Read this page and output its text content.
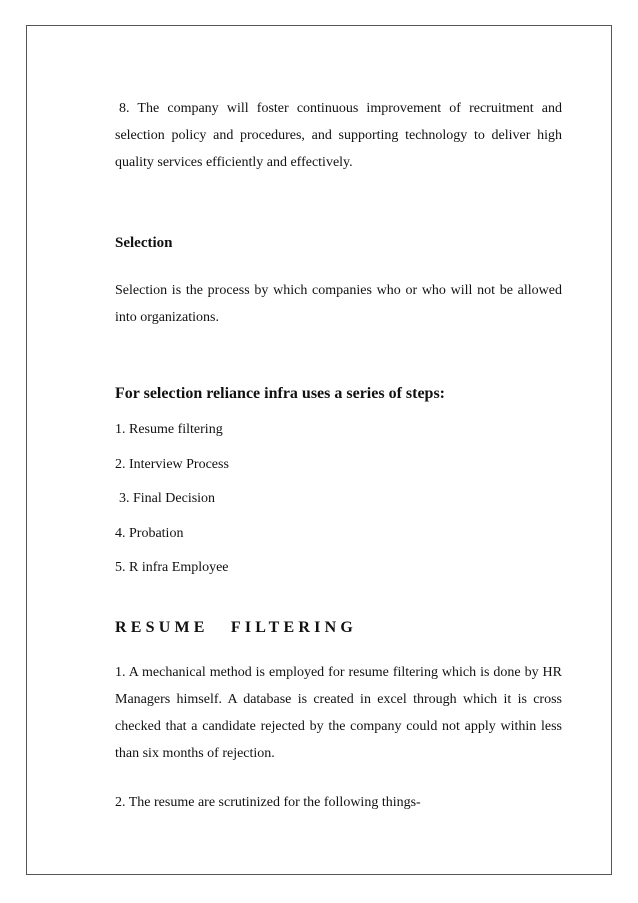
8. The company will foster continuous improvement of recruitment and selection policy and procedures, and supporting technology to deliver high quality services efficiently and effectively.

Selection

Selection is the process by which companies who or who will not be allowed into organizations.

For selection reliance infra uses a series of steps:

1. Resume filtering

2. Interview Process

3. Final Decision

4. Probation

5. R infra Employee

RESUME FILTERING

1. A mechanical method is employed for resume filtering which is done by HR Managers himself. A database is created in excel through which it is cross checked that a candidate rejected by the company could not apply within less than six months of rejection.

2. The resume are scrutinized for the following things-
